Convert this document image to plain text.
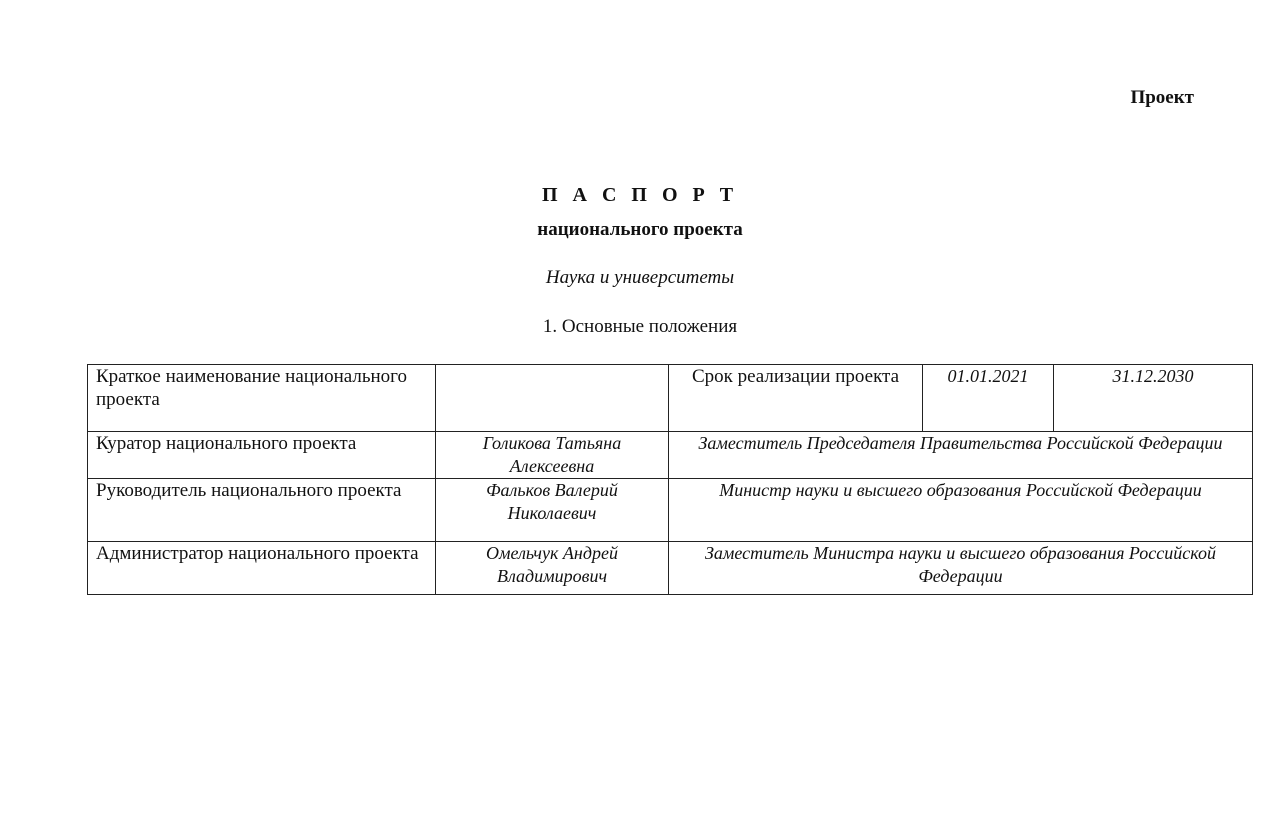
Проект
П А С П О Р Т
национального проекта
Наука и университеты
1. Основные положения
Краткое наименование национального проекта		Срок реализации проекта	01.01.2021	31.12.2030
Куратор национального проекта	Голикова Татьяна Алексеевна	Заместитель Председателя Правительства Российской Федерации		
Руководитель национального проекта	Фальков Валерий Николаевич	Министр науки и высшего образования Российской Федерации		
Администратор национального проекта	Омельчук Андрей Владимирович	Заместитель Министра науки и высшего образования Российской Федерации		
